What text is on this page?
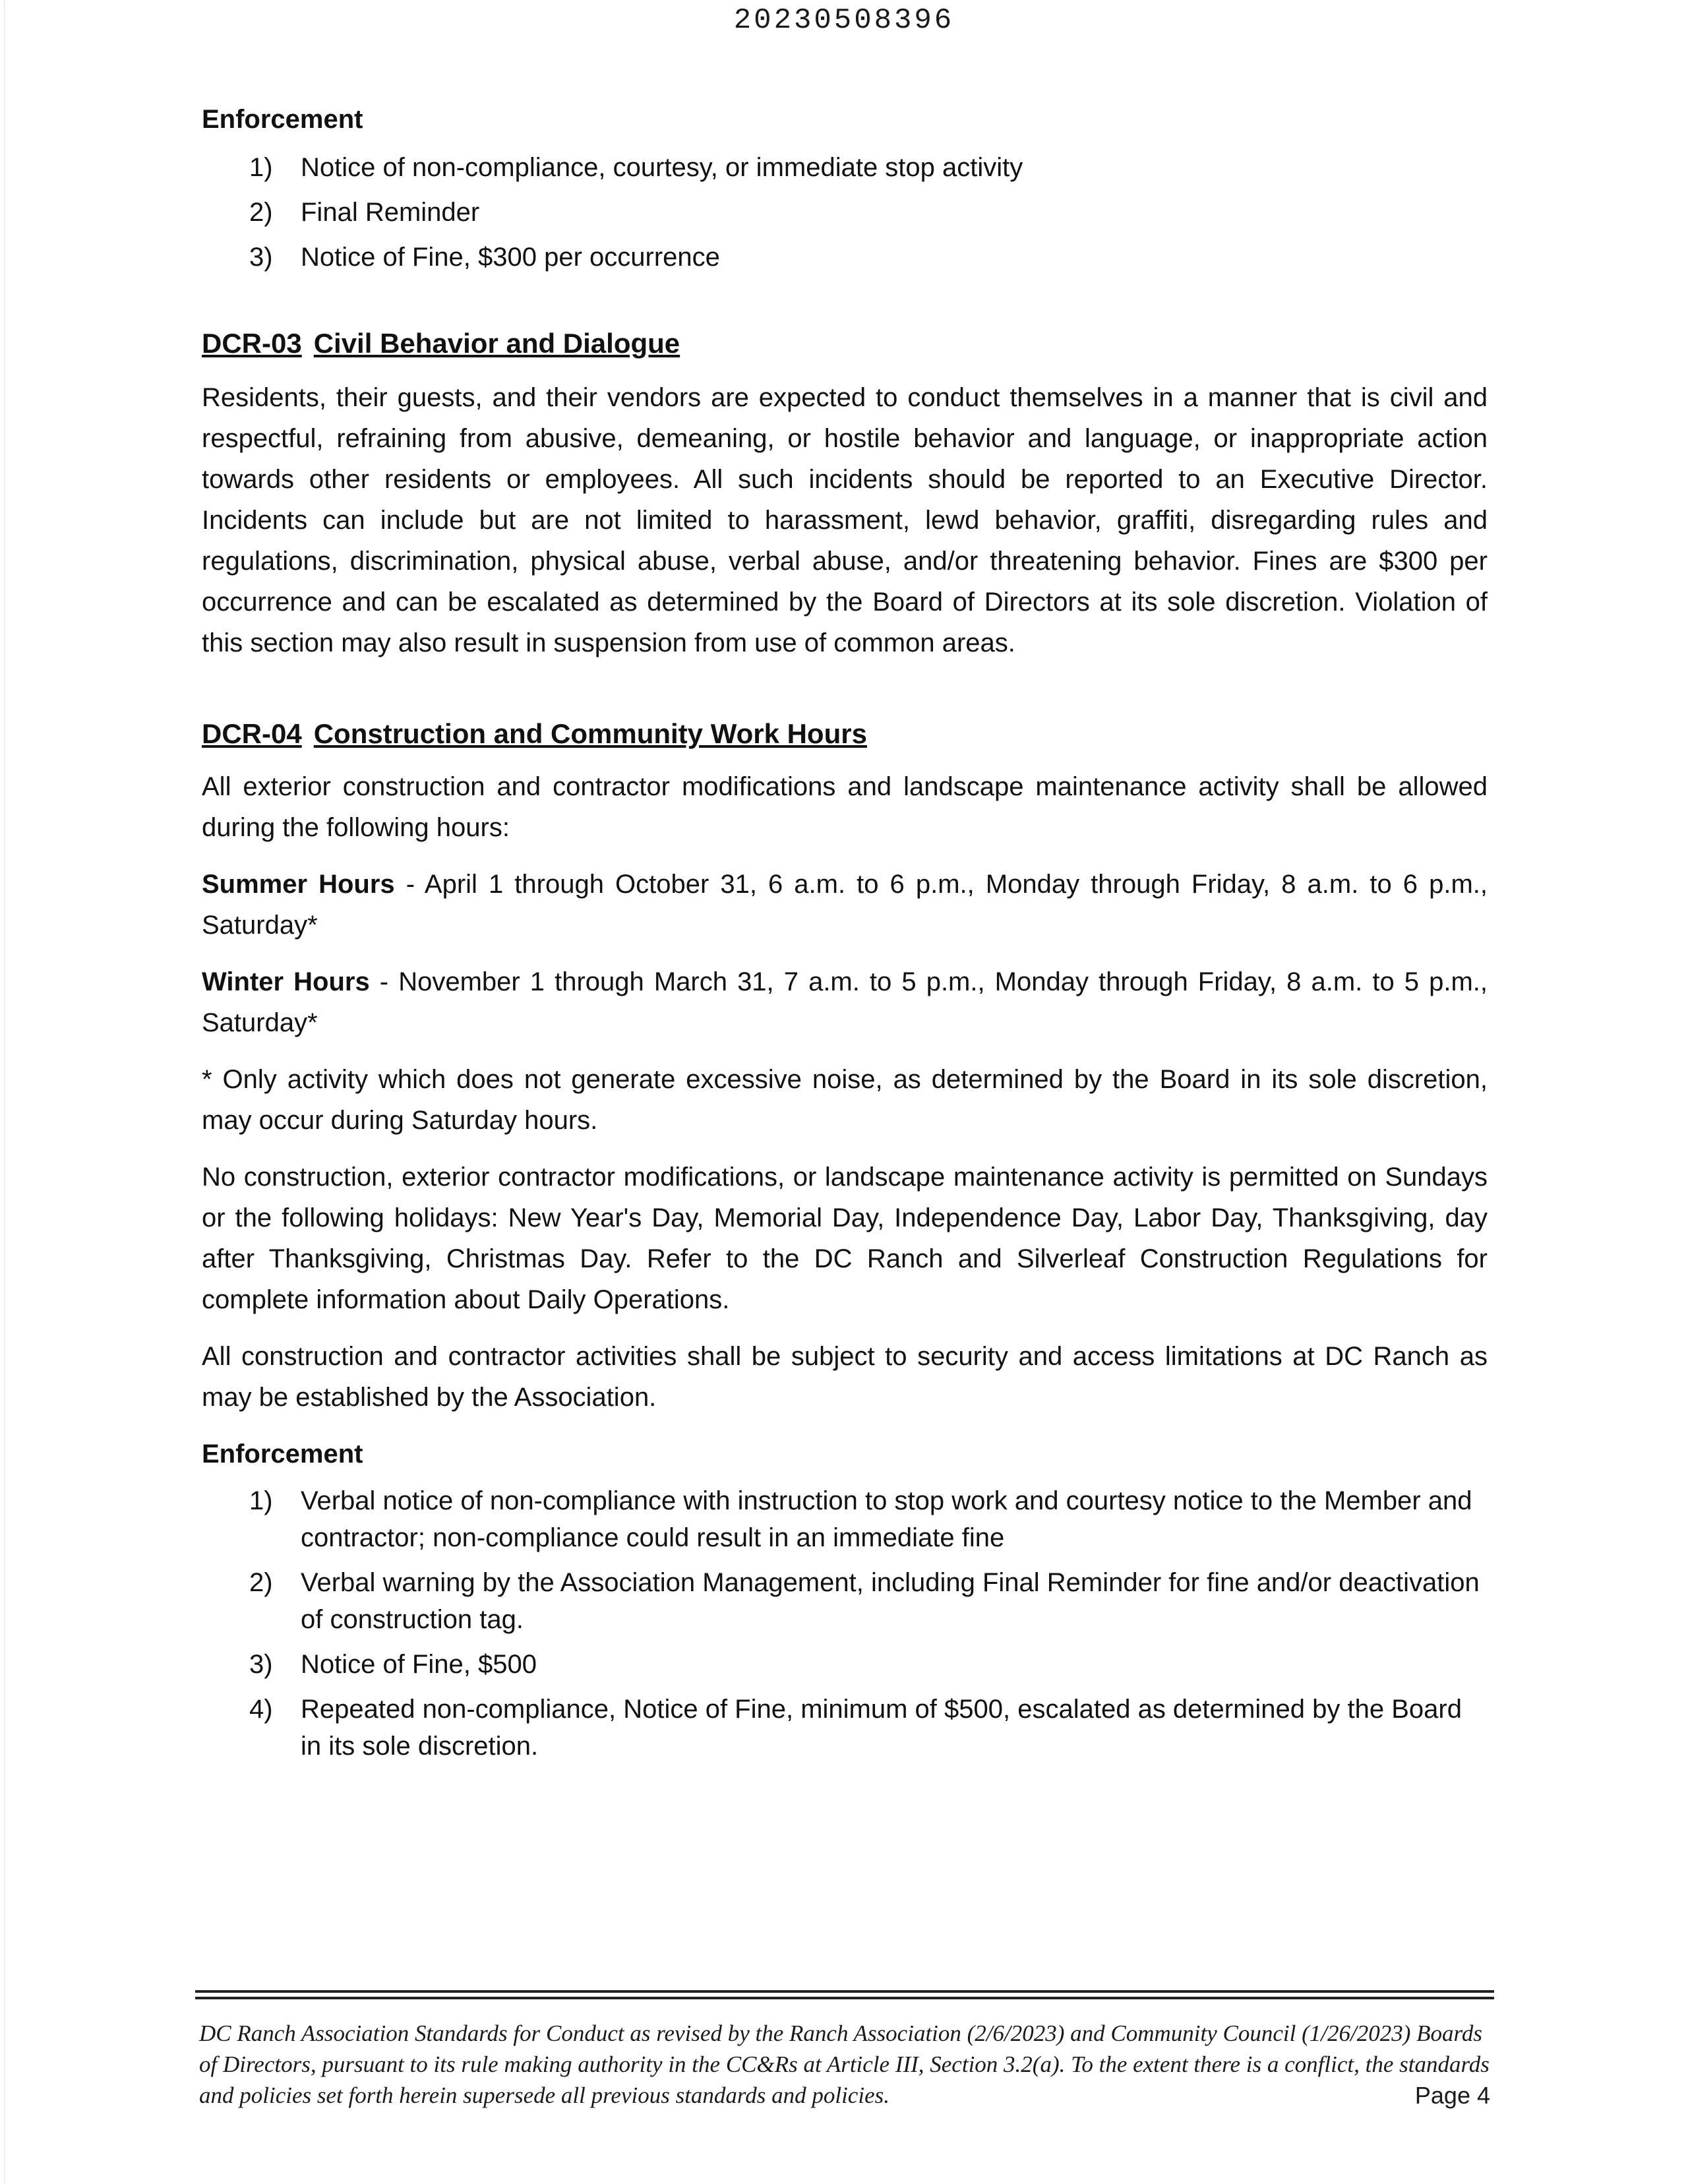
20230508396
Enforcement
1) Notice of non-compliance, courtesy, or immediate stop activity
2) Final Reminder
3) Notice of Fine, $300 per occurrence
DCR-03 Civil Behavior and Dialogue

Residents, their guests, and their vendors are expected to conduct themselves in a manner that is civil and respectful, refraining from abusive, demeaning, or hostile behavior and language, or inappropriate action towards other residents or employees. All such incidents should be reported to an Executive Director. Incidents can include but are not limited to harassment, lewd behavior, graffiti, disregarding rules and regulations, discrimination, physical abuse, verbal abuse, and/or threatening behavior. Fines are $300 per occurrence and can be escalated as determined by the Board of Directors at its sole discretion. Violation of this section may also result in suspension from use of common areas.

DCR-04 Construction and Community Work Hours

All exterior construction and contractor modifications and landscape maintenance activity shall be allowed during the following hours:

Summer Hours - April 1 through October 31, 6 a.m. to 6 p.m., Monday through Friday, 8 a.m. to 6 p.m., Saturday*

Winter Hours - November 1 through March 31, 7 a.m. to 5 p.m., Monday through Friday, 8 a.m. to 5 p.m., Saturday*

* Only activity which does not generate excessive noise, as determined by the Board in its sole discretion, may occur during Saturday hours.

No construction, exterior contractor modifications, or landscape maintenance activity is permitted on Sundays or the following holidays: New Year's Day, Memorial Day, Independence Day, Labor Day, Thanksgiving, day after Thanksgiving, Christmas Day. Refer to the DC Ranch and Silverleaf Construction Regulations for complete information about Daily Operations.

All construction and contractor activities shall be subject to security and access limitations at DC Ranch as may be established by the Association.

Enforcement
1) Verbal notice of non-compliance with instruction to stop work and courtesy notice to the Member and contractor; non-compliance could result in an immediate fine
2) Verbal warning by the Association Management, including Final Reminder for fine and/or deactivation of construction tag.
3) Notice of Fine, $500
4) Repeated non-compliance, Notice of Fine, minimum of $500, escalated as determined by the Board in its sole discretion.
DC Ranch Association Standards for Conduct as revised by the Ranch Association (2/6/2023) and Community Council (1/26/2023) Boards of Directors, pursuant to its rule making authority in the CC&Rs at Article III, Section 3.2(a). To the extent there is a conflict, the standards and policies set forth herein supersede all previous standards and policies.	Page 4
